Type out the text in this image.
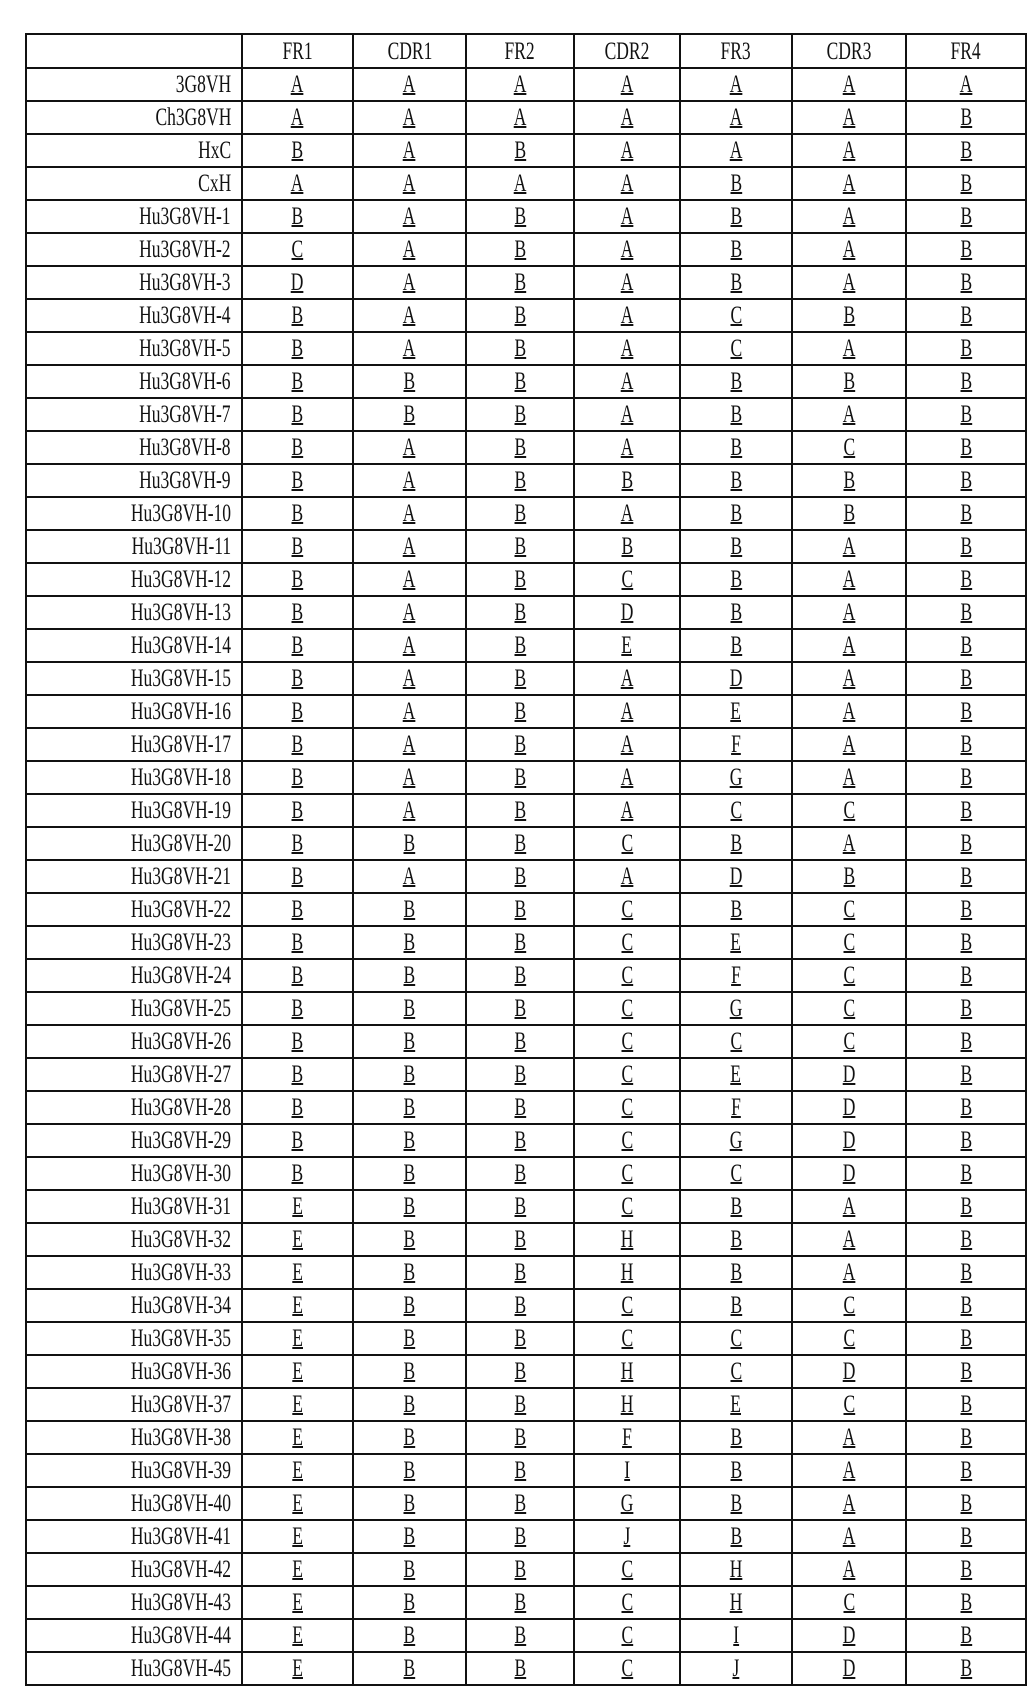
	FR1	CDR1	FR2	CDR2	FR3	CDR3	FR4
3G8VH	A	A	A	A	A	A	A
Ch3G8VH	A	A	A	A	A	A	B
HxC	B	A	B	A	A	A	B
CxH	A	A	A	A	B	A	B
Hu3G8VH-1	B	A	B	A	B	A	B
Hu3G8VH-2	C	A	B	A	B	A	B
Hu3G8VH-3	D	A	B	A	B	A	B
Hu3G8VH-4	B	A	B	A	C	B	B
Hu3G8VH-5	B	A	B	A	C	A	B
Hu3G8VH-6	B	B	B	A	B	B	B
Hu3G8VH-7	B	B	B	A	B	A	B
Hu3G8VH-8	B	A	B	A	B	C	B
Hu3G8VH-9	B	A	B	B	B	B	B
Hu3G8VH-10	B	A	B	A	B	B	B
Hu3G8VH-11	B	A	B	B	B	A	B
Hu3G8VH-12	B	A	B	C	B	A	B
Hu3G8VH-13	B	A	B	D	B	A	B
Hu3G8VH-14	B	A	B	E	B	A	B
Hu3G8VH-15	B	A	B	A	D	A	B
Hu3G8VH-16	B	A	B	A	E	A	B
Hu3G8VH-17	B	A	B	A	F	A	B
Hu3G8VH-18	B	A	B	A	G	A	B
Hu3G8VH-19	B	A	B	A	C	C	B
Hu3G8VH-20	B	B	B	C	B	A	B
Hu3G8VH-21	B	A	B	A	D	B	B
Hu3G8VH-22	B	B	B	C	B	C	B
Hu3G8VH-23	B	B	B	C	E	C	B
Hu3G8VH-24	B	B	B	C	F	C	B
Hu3G8VH-25	B	B	B	C	G	C	B
Hu3G8VH-26	B	B	B	C	C	C	B
Hu3G8VH-27	B	B	B	C	E	D	B
Hu3G8VH-28	B	B	B	C	F	D	B
Hu3G8VH-29	B	B	B	C	G	D	B
Hu3G8VH-30	B	B	B	C	C	D	B
Hu3G8VH-31	E	B	B	C	B	A	B
Hu3G8VH-32	E	B	B	H	B	A	B
Hu3G8VH-33	E	B	B	H	B	A	B
Hu3G8VH-34	E	B	B	C	B	C	B
Hu3G8VH-35	E	B	B	C	C	C	B
Hu3G8VH-36	E	B	B	H	C	D	B
Hu3G8VH-37	E	B	B	H	E	C	B
Hu3G8VH-38	E	B	B	F	B	A	B
Hu3G8VH-39	E	B	B	I	B	A	B
Hu3G8VH-40	E	B	B	G	B	A	B
Hu3G8VH-41	E	B	B	J	B	A	B
Hu3G8VH-42	E	B	B	C	H	A	B
Hu3G8VH-43	E	B	B	C	H	C	B
Hu3G8VH-44	E	B	B	C	I	D	B
Hu3G8VH-45	E	B	B	C	J	D	B
